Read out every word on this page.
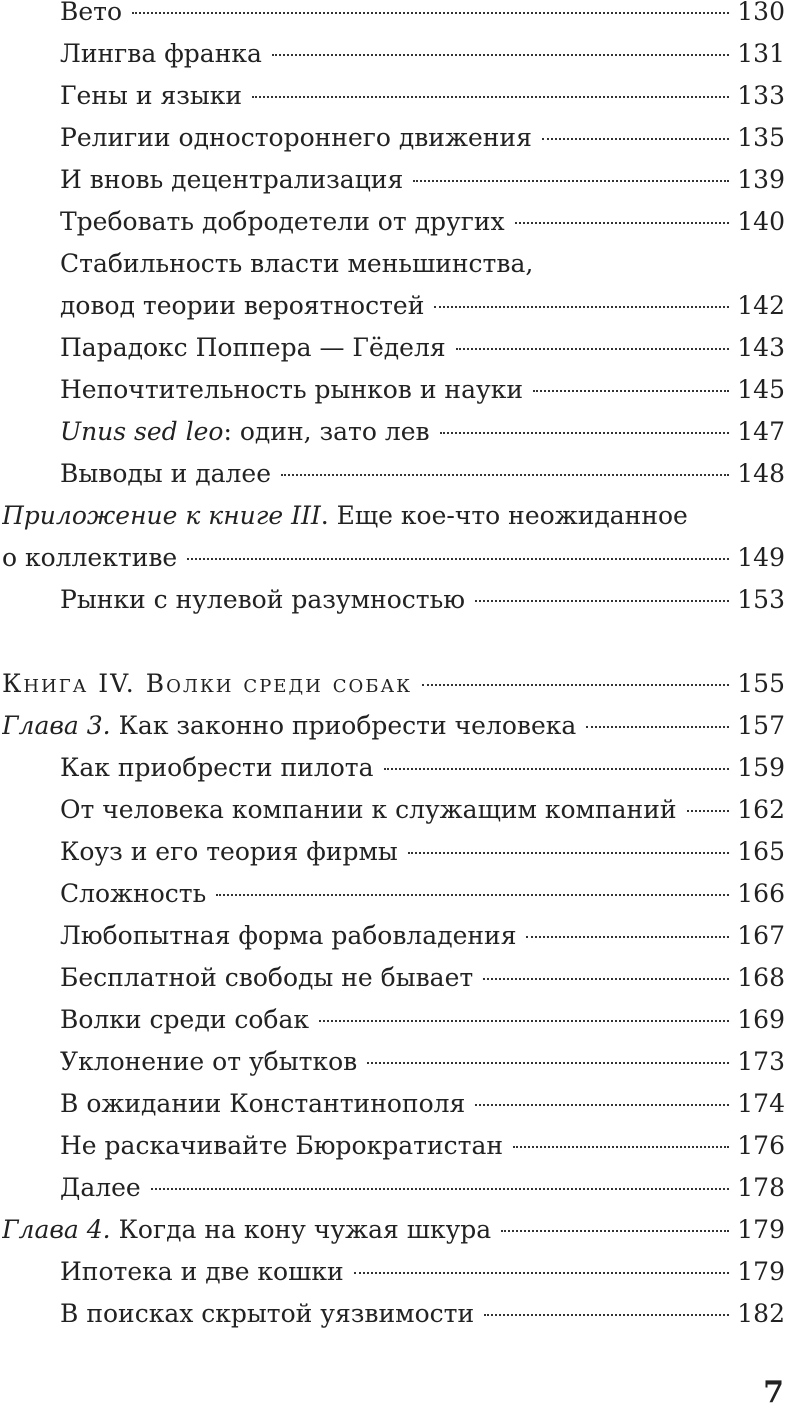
Вето	130
Лингва франка	131
Гены и языки	133
Религии одностороннего движения	135
И вновь децентрализация	139
Требовать добродетели от других	140
Стабильность власти меньшинства,
довод теории вероятностей	142
Парадокс Поппера — Гёделя	143
Непочтительность рынков и науки	145
Unus sed leo: один, зато лев	147
Выводы и далее	148
Приложение к книге III. Еще кое-что неожиданное
о коллективе	149
Рынки с нулевой разумностью	153
Книга IV. Волки среди собак	155
Глава 3. Как законно приобрести человека	157
Как приобрести пилота	159
От человека компании к служащим компаний 162
Коуз и его теория фирмы	165
Сложность	166
Любопытная форма рабовладения	167
Бесплатной свободы не бывает	168
Волки среди собак	169
Уклонение от убытков	173
В ожидании Константинополя	174
Не раскачивайте Бюрократистан	176
Далее	178
Глава 4. Когда на кону чужая шкура	179
Ипотека и две кошки	179
В поисках скрытой уязвимости	182
7
